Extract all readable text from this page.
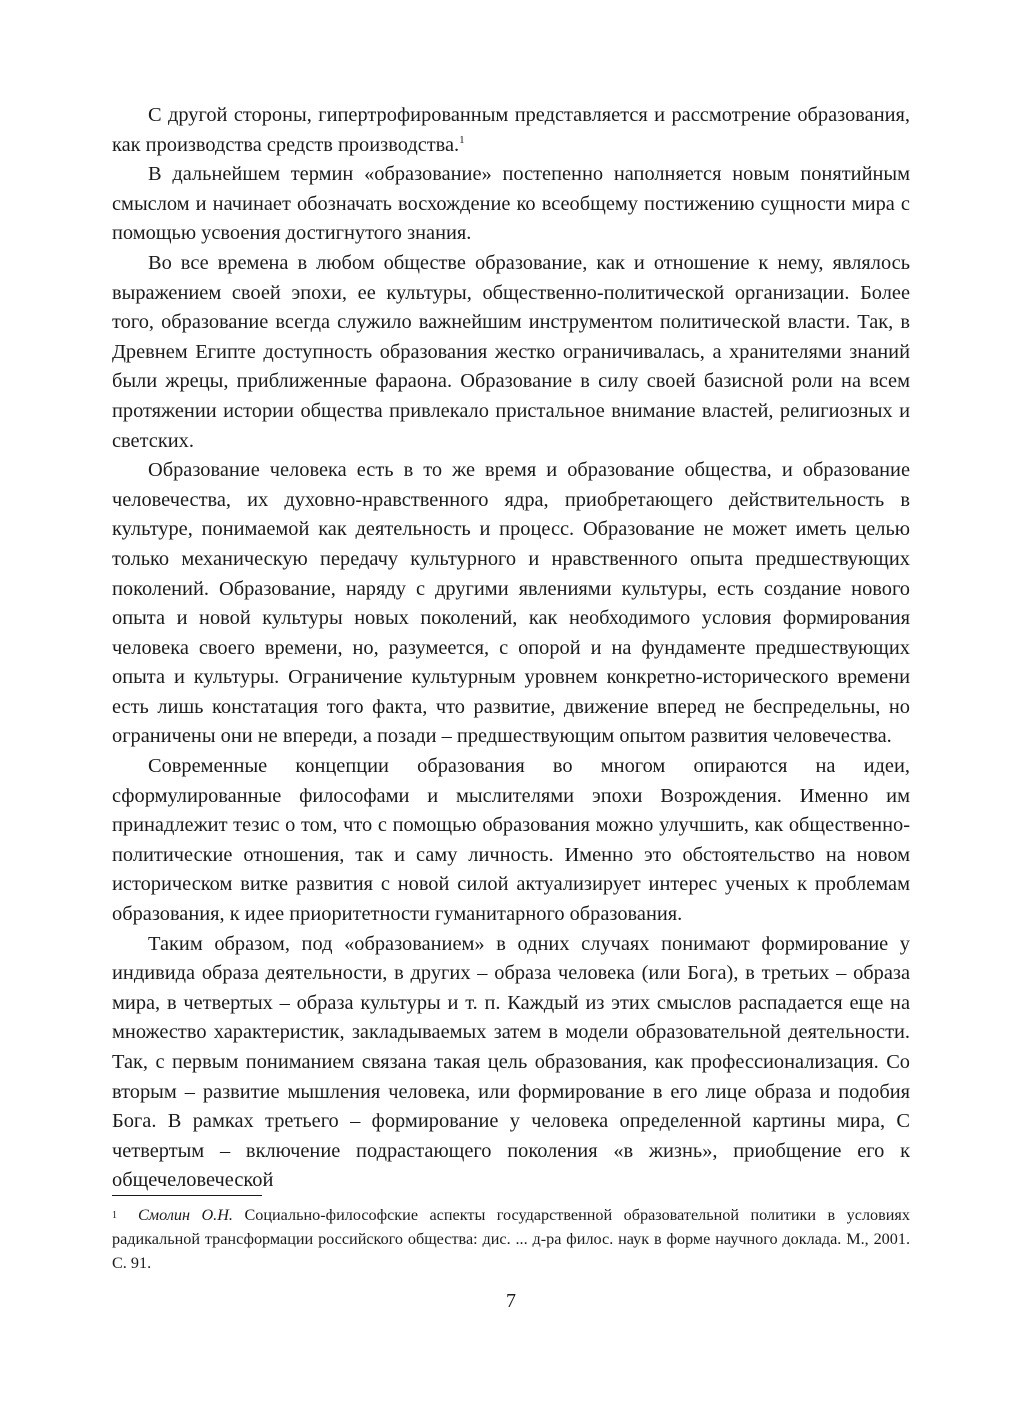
С другой стороны, гипертрофированным представляется и рассмотрение образования, как производства средств производства.$^1$

В дальнейшем термин «образование» постепенно наполняется новым понятийным смыслом и начинает обозначать восхождение ко всеобщему постижению сущности мира с помощью усвоения достигнутого знания.

Во все времена в любом обществе образование, как и отношение к нему, являлось выражением своей эпохи, ее культуры, общественно-политической организации. Более того, образование всегда служило важнейшим инструментом политической власти. Так, в Древнем Египте доступность образования жестко ограничивалась, а хранителями знаний были жрецы, приближенные фараона. Образование в силу своей базисной роли на всем протяжении истории общества привлекало пристальное внимание властей, религиозных и светских.

Образование человека есть в то же время и образование общества, и образование человечества, их духовно-нравственного ядра, приобретающего действительность в культуре, понимаемой как деятельность и процесс. Образование не может иметь целью только механическую передачу культурного и нравственного опыта предшествующих поколений. Образование, наряду с другими явлениями культуры, есть создание нового опыта и новой культуры новых поколений, как необходимого условия формирования человека своего времени, но, разумеется, с опорой и на фундаменте предшествующих опыта и культуры. Ограничение культурным уровнем конкретно-исторического времени есть лишь констатация того факта, что развитие, движение вперед не беспредельны, но ограничены они не впереди, а позади – предшествующим опытом развития человечества.

Современные концепции образования во многом опираются на идеи, сформулированные философами и мыслителями эпохи Возрождения. Именно им принадлежит тезис о том, что с помощью образования можно улучшить, как общественно-политические отношения, так и саму личность. Именно это обстоятельство на новом историческом витке развития с новой силой актуализирует интерес ученых к проблемам образования, к идее приоритетности гуманитарного образования.

Таким образом, под «образованием» в одних случаях понимают формирование у индивида образа деятельности, в других – образа человека (или Бога), в третьих – образа мира, в четвертых – образа культуры и т. п. Каждый из этих смыслов распадается еще на множество характеристик, закладываемых затем в модели образовательной деятельности. Так, с первым пониманием связана такая цель образования, как профессионализация. Со вторым – развитие мышления человека, или формирование в его лице образа и подобия Бога. В рамках третьего – формирование у человека определенной картины мира, С четвертым – включение подрастающего поколения «в жизнь», приобщение его к общечеловеческой

1 Смолин О.Н. Социально-философские аспекты государственной образовательной политики в условиях радикальной трансформации российского общества: дис. ... д-ра филос. наук в форме научного доклада. М., 2001. С. 91.
7
